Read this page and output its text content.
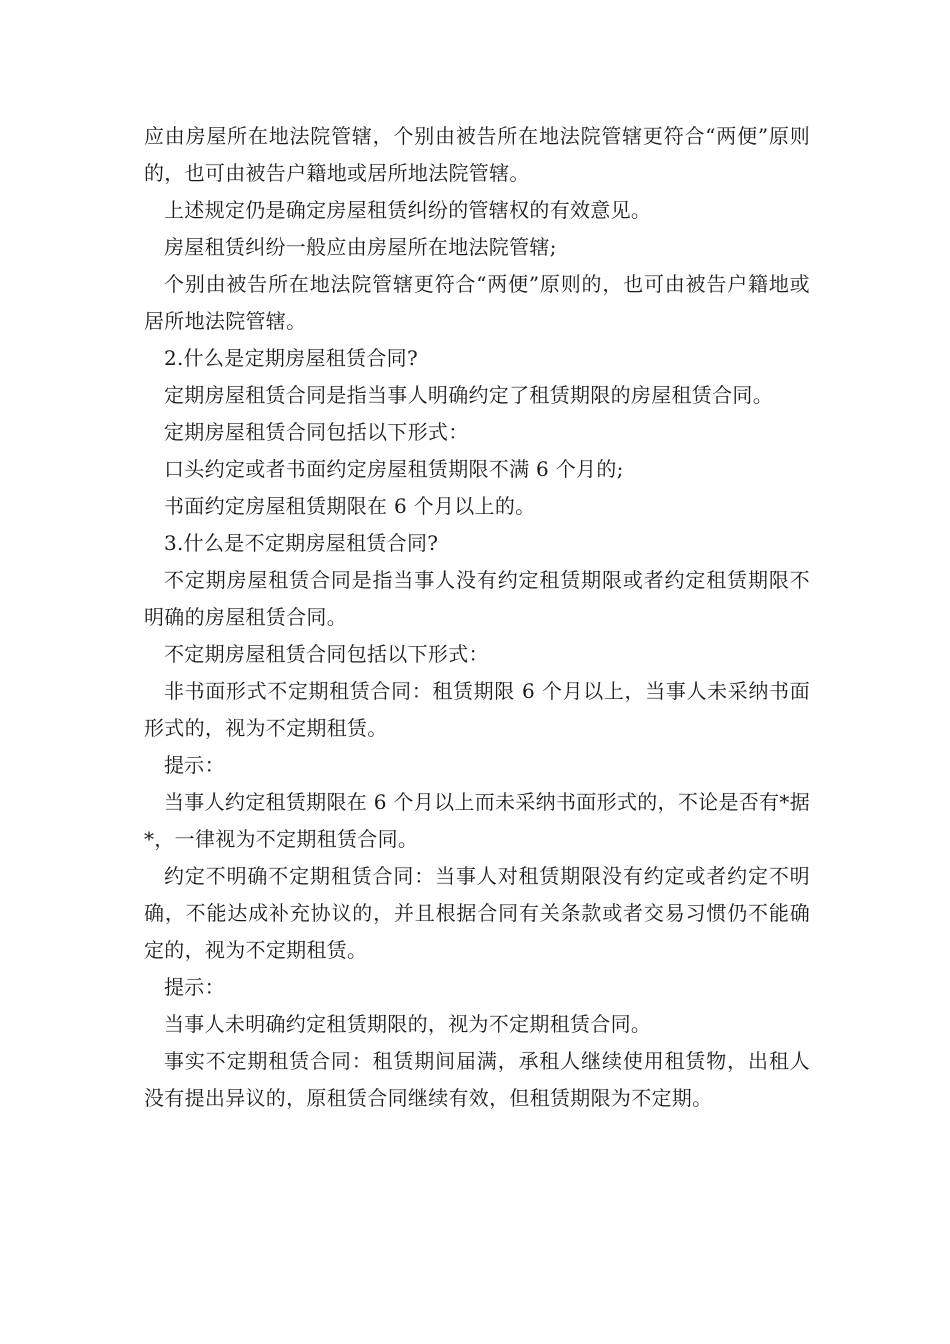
应由房屋所在地法院管辖，个别由被告所在地法院管辖更符合“两便”原则的，也可由被告户籍地或居所地法院管辖。

上述规定仍是确定房屋租赁纠纷的管辖权的有效意见。

房屋租赁纠纷一般应由房屋所在地法院管辖;

个别由被告所在地法院管辖更符合“两便”原则的，也可由被告户籍地或居所地法院管辖。

2.什么是定期房屋租赁合同?

定期房屋租赁合同是指当事人明确约定了租赁期限的房屋租赁合同。

定期房屋租赁合同包括以下形式：

口头约定或者书面约定房屋租赁期限不满 6 个月的;

书面约定房屋租赁期限在 6 个月以上的。

3.什么是不定期房屋租赁合同?

不定期房屋租赁合同是指当事人没有约定租赁期限或者约定租赁期限不明确的房屋租赁合同。

不定期房屋租赁合同包括以下形式：

非书面形式不定期租赁合同：租赁期限 6 个月以上，当事人未采纳书面形式的，视为不定期租赁。

提示：

当事人约定租赁期限在 6 个月以上而未采纳书面形式的，不论是否有*据*，一律视为不定期租赁合同。

约定不明确不定期租赁合同：当事人对租赁期限没有约定或者约定不明确，不能达成补充协议的，并且根据合同有关条款或者交易习惯仍不能确定的，视为不定期租赁。

提示：

当事人未明确约定租赁期限的，视为不定期租赁合同。

事实不定期租赁合同：租赁期间届满，承租人继续使用租赁物，出租人没有提出异议的，原租赁合同继续有效，但租赁期限为不定期。
